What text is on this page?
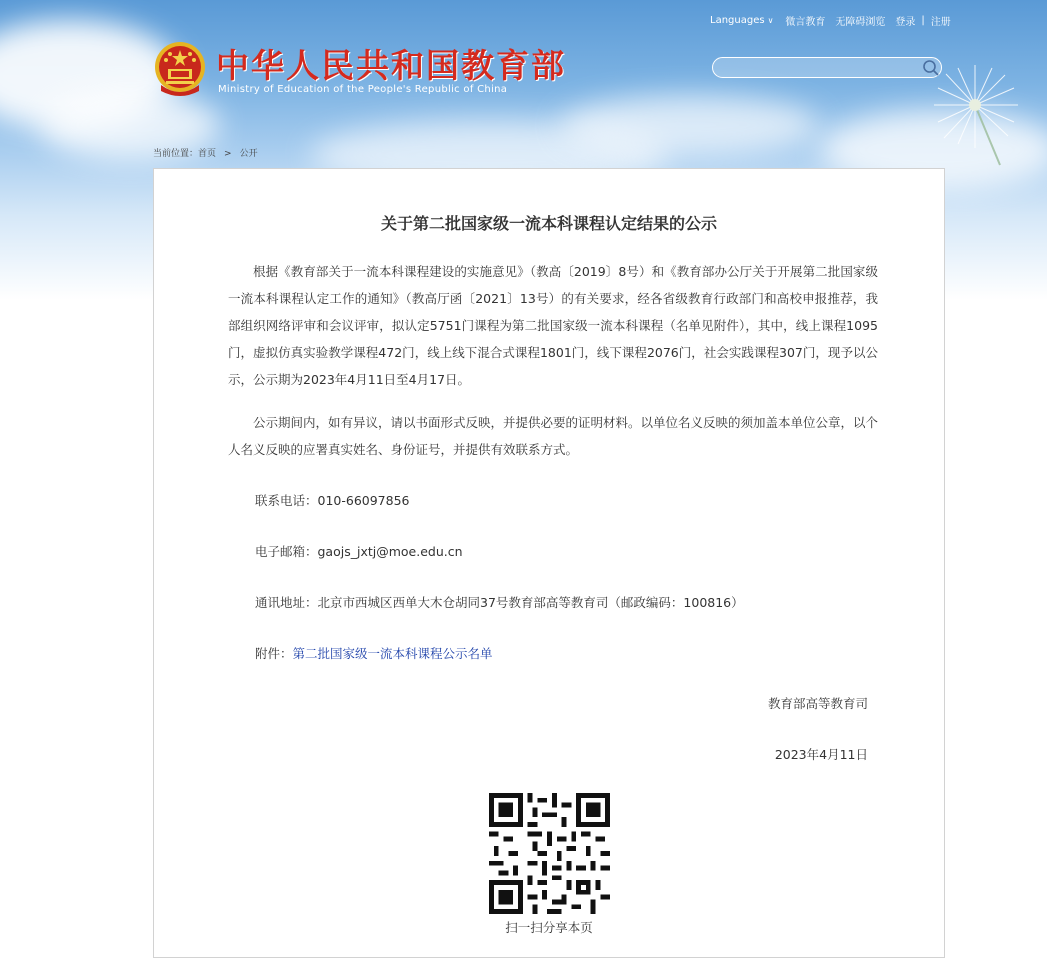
中华人民共和国教育部
Ministry of Education of the People's Republic of China
Languages ∨ 微言教育 无障碍浏览 登录 | 注册
当前位置：首页 > 公开
关于第二批国家级一流本科课程认定结果的公示

根据《教育部关于一流本科课程建设的实施意见》（教高〔2019〕8号）和《教育部办公厅关于开展第二批国家级一流本科课程认定工作的通知》（教高厅函〔2021〕13号）的有关要求，经各省级教育行政部门和高校申报推荐，我部组织网络评审和会议评审，拟认定5751门课程为第二批国家级一流本科课程（名单见附件），其中，线上课程1095门，虚拟仿真实验教学课程472门，线上线下混合式课程1801门，线下课程2076门，社会实践课程307门，现予以公示，公示期为2023年4月11日至4月17日。

公示期间内，如有异议，请以书面形式反映，并提供必要的证明材料。以单位名义反映的须加盖本单位公章，以个人名义反映的应署真实姓名、身份证号，并提供有效联系方式。

联系电话：010-66097856
电子邮箱：gaojs_jxtj@moe.edu.cn
通讯地址：北京市西城区西单大木仓胡同37号教育部高等教育司（邮政编码：100816）
附件：第二批国家级一流本科课程公示名单
教育部高等教育司
2023年4月11日
扫一扫分享本页
